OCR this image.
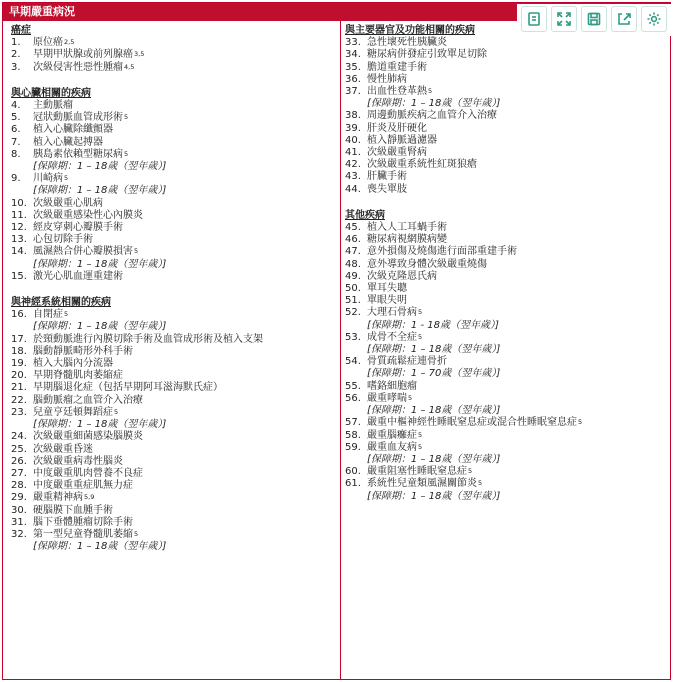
早期嚴重病況
癌症
1.	原位癌$^{2,5}$
2.	早期甲狀腺或前列腺癌$^{3,5}$
3.	次級侵害性惡性腫瘤$^{4,5}$
與心臟相關的疾病
4.	主動脈瘤
5.	冠狀動脈血管成形術$^5$
6.	植入心臟除纖顫器
7.	植入心臟起搏器
8.	胰島素依賴型糖尿病$^5$
[保障期：1 – 18歲（翌年歲）]
9.	川崎病$^5$
[保障期：1 – 18歲（翌年歲）]
10. 次級嚴重心肌病
11. 次級嚴重感染性心內膜炎
12. 經皮穿刺心瓣膜手術
13. 心包切除手術
14. 風濕熱合併心瓣膜損害$^5$
[保障期：1 – 18歲（翌年歲）]
15. 激光心肌血運重建術
與神經系統相關的疾病
16. 自閉症$^5$
[保障期：1 – 18歲（翌年歲）]
17. 於頸動脈進行內膜切除手術及血管成形術及植入支架
18. 腦動靜脈畸形外科手術
19. 植入大腦內分流器
20. 早期脊髓肌肉萎縮症
21. 早期腦退化症（包括早期阿耳滋海默氏症）
22. 腦動脈瘤之血管介入治療
23. 兒童亨廷頓舞蹈症$^5$
[保障期：1 – 18歲（翌年歲）]
24. 次級嚴重細菌感染腦膜炎
25. 次級嚴重昏迷
26. 次級嚴重病毒性腦炎
27. 中度嚴重肌肉營養不良症
28. 中度嚴重重症肌無力症
29. 嚴重精神病$^{5,9}$
30. 硬腦膜下血腫手術
31. 腦下垂體腫瘤切除手術
32. 第一型兒童脊髓肌萎縮$^5$
[保障期：1 – 18歲（翌年歲）]
與主要器官及功能相關的疾病
33. 急性壞死性胰臟炎
34. 糖尿病併發症引致單足切除
35. 膽道重建手術
36. 慢性肺病
37. 出血性登革熱$^5$
[保障期：1 – 18歲（翌年歲）]
38. 周邊動脈疾病之血管介入治療
39. 肝炎及肝硬化
40. 植入靜脈過濾器
41. 次級嚴重腎病
42. 次級嚴重系統性紅斑狼瘡
43. 肝臟手術
44. 喪失單肢
其他疾病
45. 植入人工耳蝸手術
46. 糖尿病視網膜病變
47. 意外損傷及燒傷進行面部重建手術
48. 意外導致身體次級嚴重燒傷
49. 次級克隆恩氏病
50. 單耳失聰
51. 單眼失明
52. 大理石骨病$^5$
[保障期：1 - 18歲（翌年歲）]
53. 成骨不全症$^5$
[保障期：1 – 18歲（翌年歲）]
54. 骨質疏鬆症連骨折
[保障期：1 – 70歲（翌年歲）]
55. 嗜鉻細胞瘤
56. 嚴重哮喘$^5$
[保障期：1 – 18歲（翌年歲）]
57. 嚴重中樞神經性睡眠窒息症或混合性睡眠窒息症$^5$
58. 嚴重腦癱症$^5$
59. 嚴重血友病$^5$
[保障期：1 – 18歲（翌年歲）]
60. 嚴重阻塞性睡眠窒息症$^5$
61. 系統性兒童類風濕關節炎$^5$
[保障期：1 – 18歲（翌年歲）]
